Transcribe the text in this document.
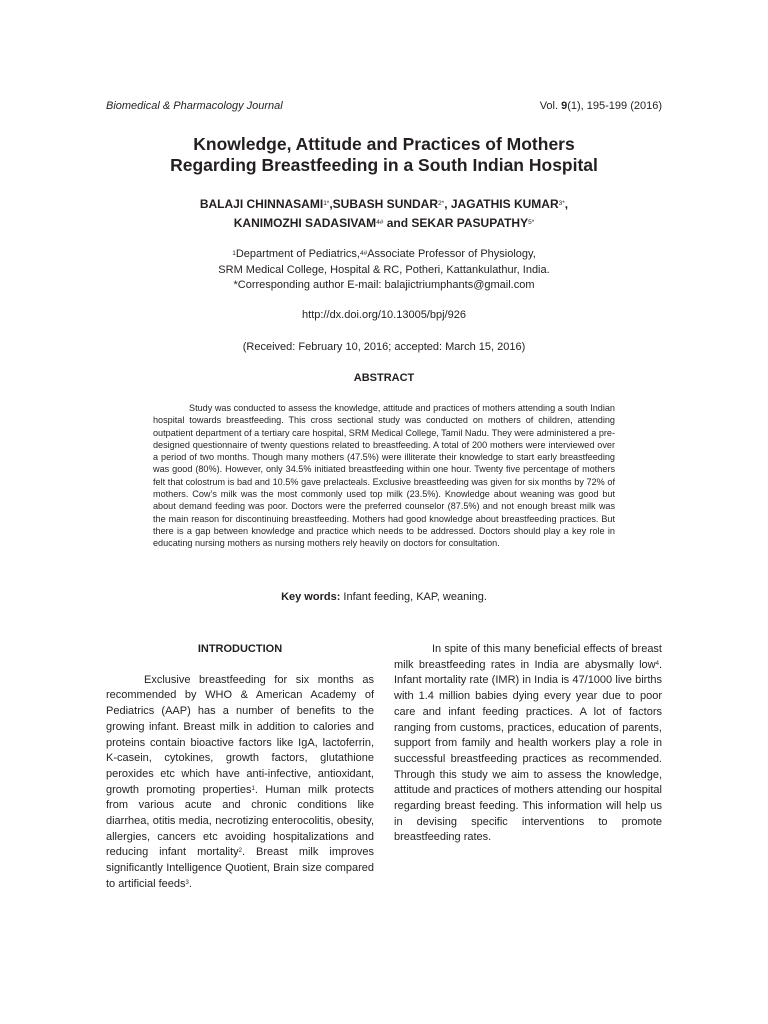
Biomedical & Pharmacology Journal	Vol. 9(1), 195-199 (2016)
Knowledge, Attitude and Practices of Mothers
Regarding Breastfeeding in a South Indian Hospital
BALAJI $CHINNASAMI^{1*},SUBASH$ $SUNDAR^{2*}$, JAGATHIS $KUMAR^{3*}$,
KANIMOZHI $SADASIVAM^{4\#}$ and SEKAR $PASUPATHY^{5*}$
$^1$Department of Pediatrics,$^{4\#}$Associate Professor of Physiology,
SRM Medical College, Hospital & RC, Potheri, Kattankulathur, India.
*Corresponding author E-mail: balajictriumphants@gmail.com
http://dx.doi.org/10.13005/bpj/926
(Received: February 10, 2016; accepted: March 15, 2016)
ABSTRACT
Study was conducted to assess the knowledge, attitude and practices of mothers attending a south Indian hospital towards breastfeeding. This cross sectional study was conducted on mothers of children, attending outpatient department of a tertiary care hospital, SRM Medical College, Tamil Nadu. They were administered a pre-designed questionnaire of twenty questions related to breastfeeding. A total of 200 mothers were interviewed over a period of two months. Though many mothers (47.5%) were illiterate their knowledge to start early breastfeeding was good (80%). However, only 34.5% initiated breastfeeding within one hour. Twenty five percentage of mothers felt that colostrum is bad and 10.5% gave prelacteals. Exclusive breastfeeding was given for six months by 72% of mothers. Cow’s milk was the most commonly used top milk (23.5%). Knowledge about weaning was good but about demand feeding was poor. Doctors were the preferred counselor (87.5%) and not enough breast milk was the main reason for discontinuing breastfeeding. Mothers had good knowledge about breastfeeding practices. But there is a gap between knowledge and practice which needs to be addressed. Doctors should play a key role in educating nursing mothers as nursing mothers rely heavily on doctors for consultation.
Key words: Infant feeding, KAP, weaning.
INTRODUCTION

Exclusive breastfeeding for six months as recommended by WHO & American Academy of Pediatrics (AAP) has a number of benefits to the growing infant. Breast milk in addition to calories and proteins contain bioactive factors like IgA, lactoferrin, K-casein, cytokines, growth factors, glutathione peroxides etc which have anti-infective, antioxidant, growth promoting properties$^1$. Human milk protects from various acute and chronic conditions like diarrhea, otitis media, necrotizing enterocolitis, obesity, allergies, cancers etc avoiding hospitalizations and reducing infant mortality$^2$. Breast milk improves significantly Intelligence Quotient, Brain size compared to artificial feeds$^3$.

In spite of this many beneficial effects of breast milk breastfeeding rates in India are abysmally low$^4$. Infant mortality rate (IMR) in India is 47/1000 live births with 1.4 million babies dying every year due to poor care and infant feeding practices. A lot of factors ranging from customs, practices, education of parents, support from family and health workers play a role in successful breastfeeding practices as recommended. Through this study we aim to assess the knowledge, attitude and practices of mothers attending our hospital regarding breast feeding. This information will help us in devising specific interventions to promote breastfeeding rates.
